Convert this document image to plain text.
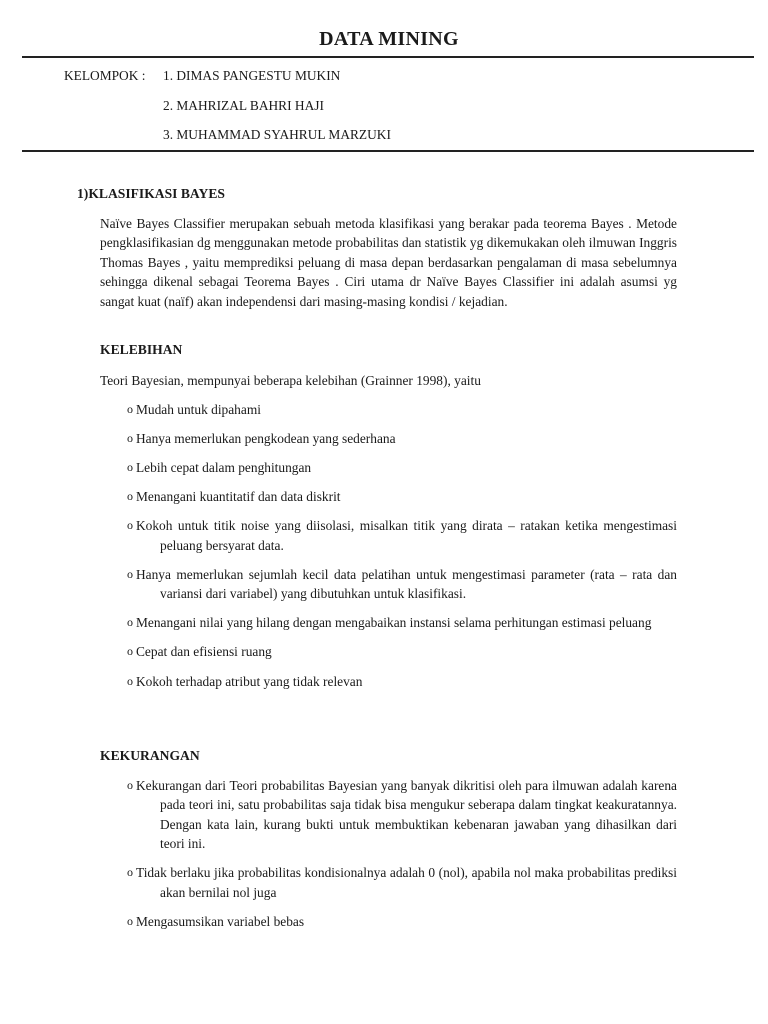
DATA MINING
KELOMPOK : 1. DIMAS PANGESTU MUKIN
2. MAHRIZAL BAHRI HAJI
3. MUHAMMAD SYAHRUL MARZUKI
1)KLASIFIKASI BAYES
Naïve Bayes Classifier merupakan sebuah metoda klasifikasi yang berakar pada teorema Bayes . Metode pengklasifikasian dg menggunakan metode probabilitas dan statistik yg dikemukakan oleh ilmuwan Inggris Thomas Bayes , yaitu memprediksi peluang di masa depan berdasarkan pengalaman di masa sebelumnya sehingga dikenal sebagai Teorema Bayes . Ciri utama dr Naïve Bayes Classifier ini adalah asumsi yg sangat kuat (naïf) akan independensi dari masing-masing kondisi / kejadian.
KELEBIHAN
Teori Bayesian, mempunyai beberapa kelebihan (Grainner 1998), yaitu
o Mudah untuk dipahami
o Hanya memerlukan pengkodean yang sederhana
o Lebih cepat dalam penghitungan
o Menangani kuantitatif dan data diskrit
o Kokoh untuk titik noise yang diisolasi, misalkan titik yang dirata – ratakan ketika mengestimasi peluang bersyarat data.
o Hanya memerlukan sejumlah kecil data pelatihan untuk mengestimasi parameter (rata – rata dan variansi dari variabel) yang dibutuhkan untuk klasifikasi.
o Menangani nilai yang hilang dengan mengabaikan instansi selama perhitungan estimasi peluang
o Cepat dan efisiensi ruang
o Kokoh terhadap atribut yang tidak relevan
KEKURANGAN
o Kekurangan dari Teori probabilitas Bayesian yang banyak dikritisi oleh para ilmuwan adalah karena pada teori ini, satu probabilitas saja tidak bisa mengukur seberapa dalam tingkat keakuratannya. Dengan kata lain, kurang bukti untuk membuktikan kebenaran jawaban yang dihasilkan dari teori ini.
o Tidak berlaku jika probabilitas kondisionalnya adalah 0 (nol), apabila nol maka probabilitas prediksi akan bernilai nol juga
o Mengasumsikan variabel bebas
